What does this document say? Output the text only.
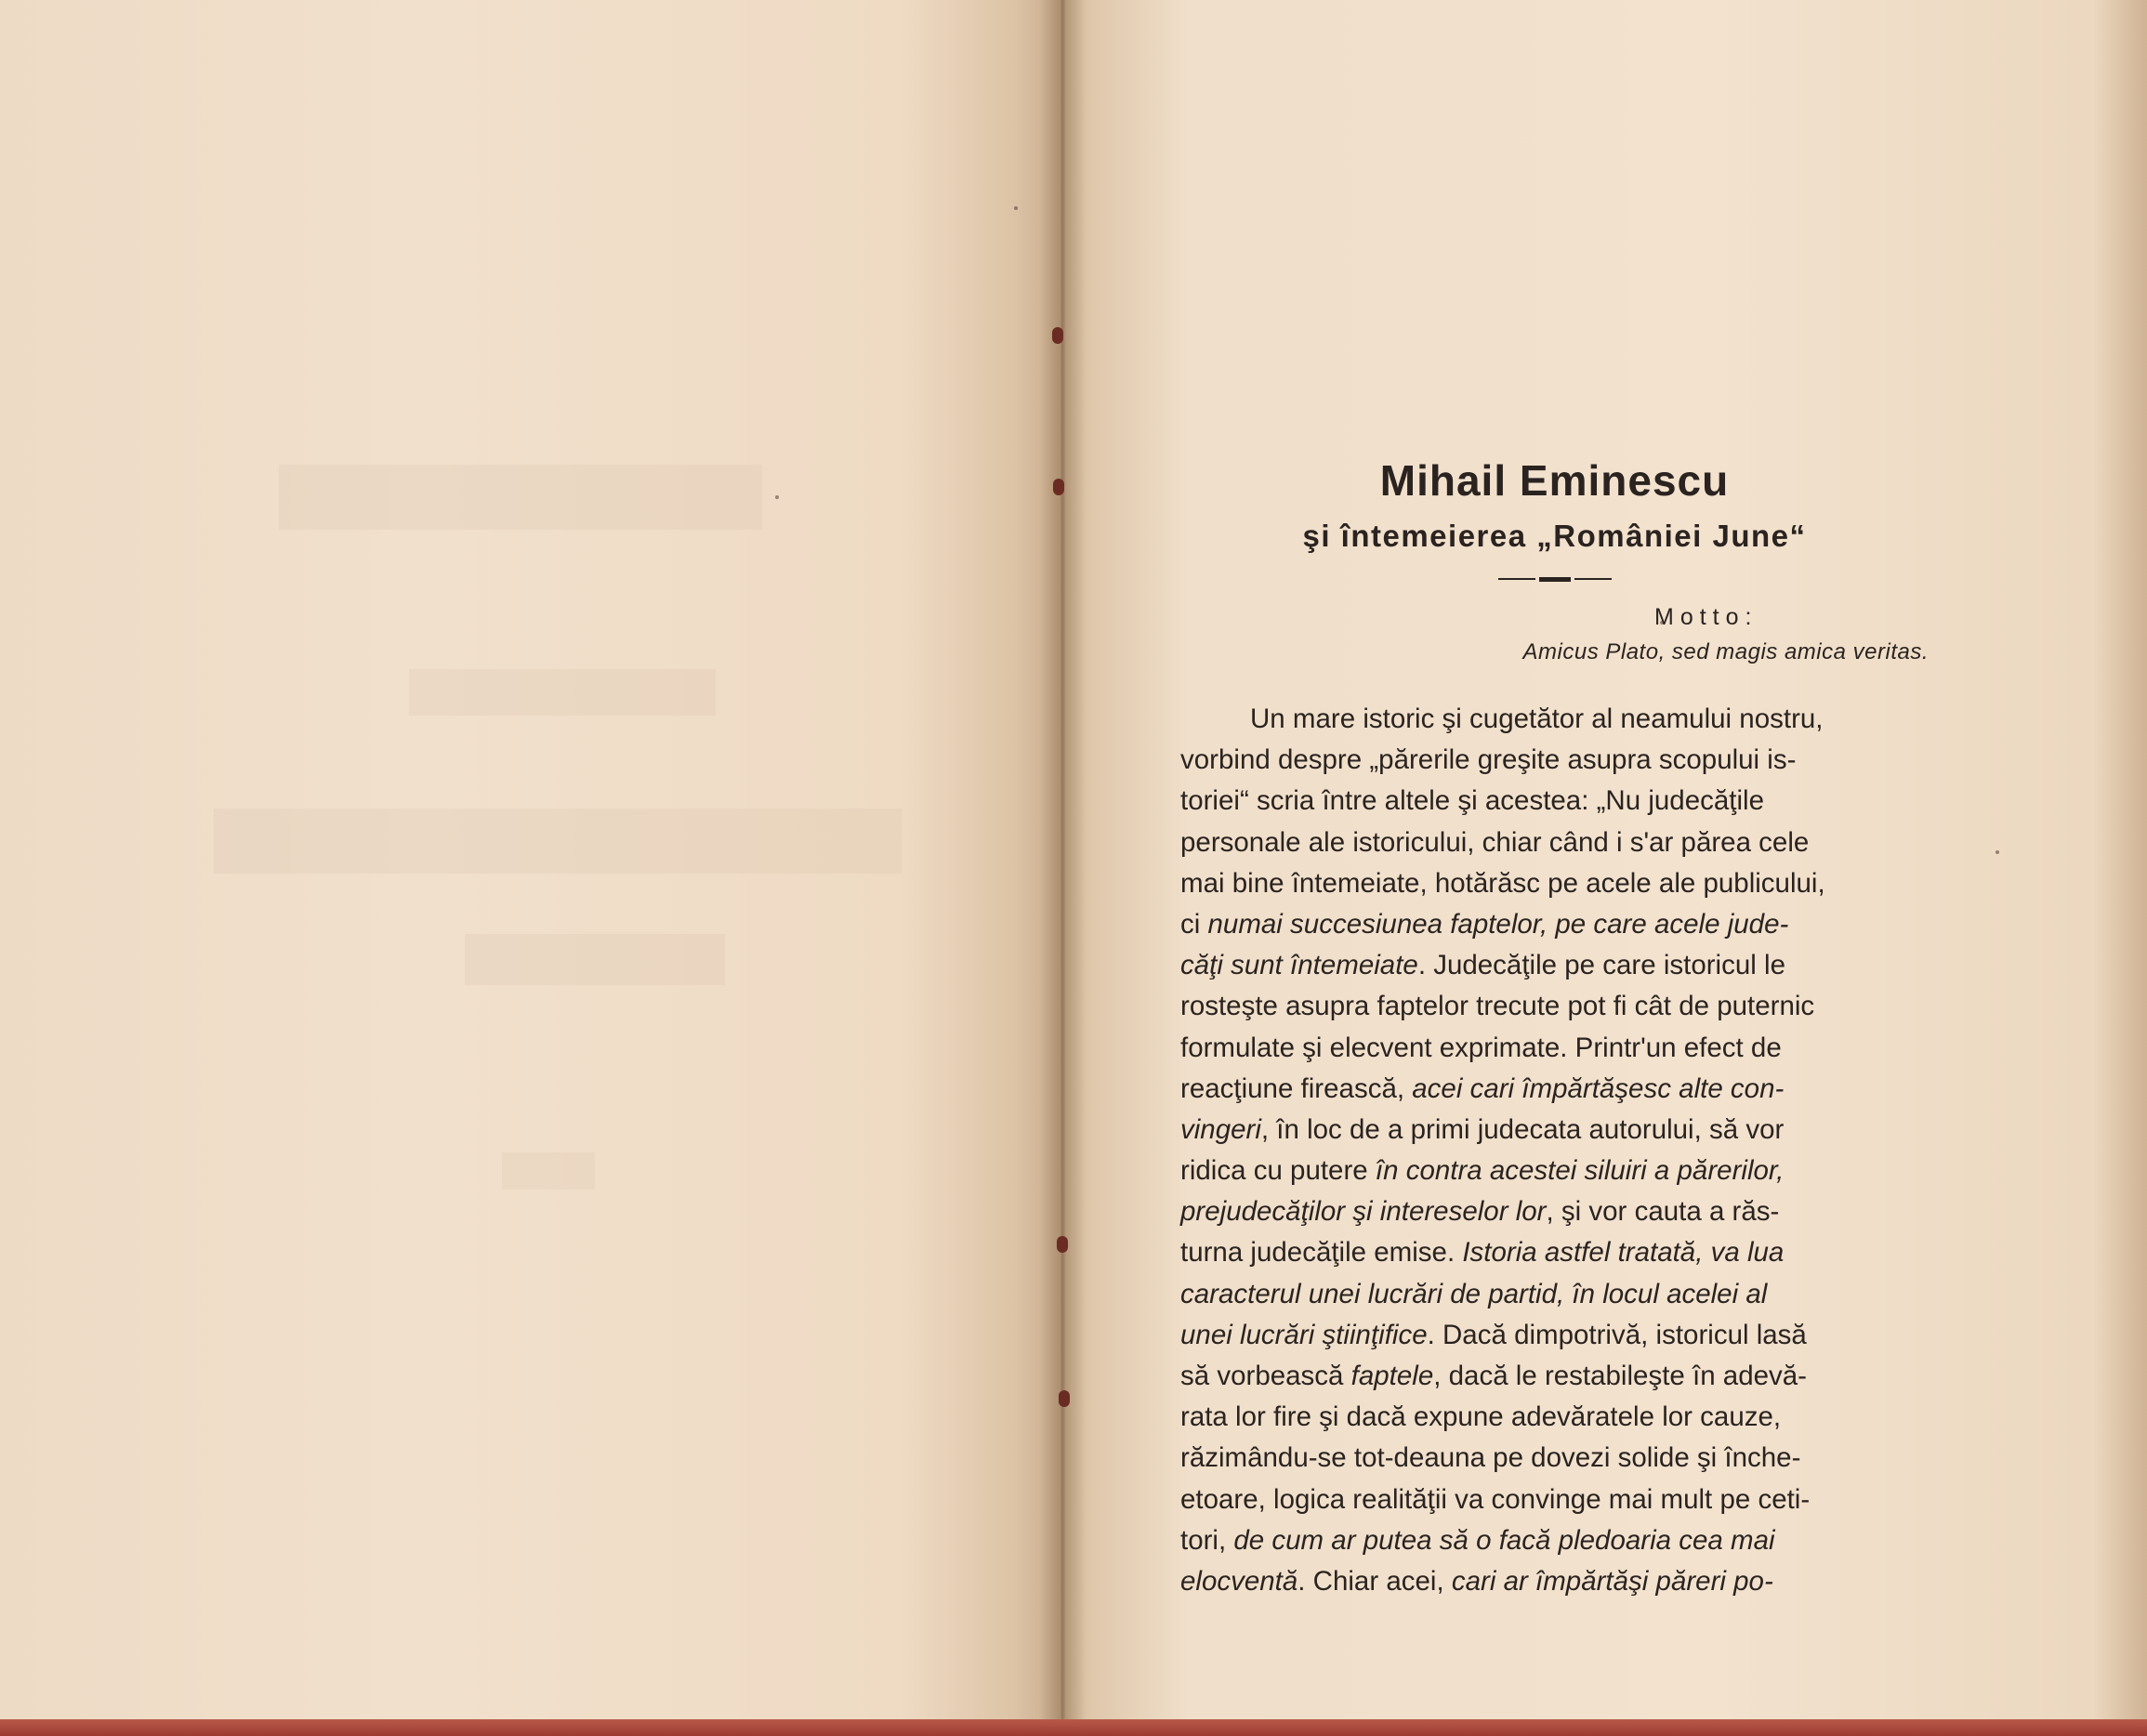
Mihail Eminescu
şi întemeierea „României June“
Motto:
Amicus Plato, sed magis amica veritas.
Un mare istoric şi cugetător al neamului nostru,
vorbind despre „părerile greşite asupra scopului is-
toriei“ scria între altele şi acestea: „Nu judecăţile
personale ale istoricului, chiar când i s'ar părea cele
mai bine întemeiate, hotărăsc pe acele ale publicului,
ci numai succesiunea faptelor, pe care acele jude-
căţi sunt întemeiate. Judecăţile pe care istoricul le
rosteşte asupra faptelor trecute pot fi cât de puternic
formulate şi elecvent exprimate. Printr'un efect de
reacţiune firească, acei cari împărtăşesc alte con-
vingeri, în loc de a primi judecata autorului, să vor
ridica cu putere în contra acestei siluiri a părerilor,
prejudecăţilor şi intereselor lor, şi vor cauta a răs-
turna judecăţile emise. Istoria astfel tratată, va lua
caracterul unei lucrări de partid, în locul acelei al
unei lucrări ştiinţifice. Dacă dimpotrivă, istoricul lasă
să vorbească faptele, dacă le restabileşte în adevă-
rata lor fire şi dacă expune adevăratele lor cauze,
răzimându-se tot-deauna pe dovezi solide şi înche-
etoare, logica realităţii va convinge mai mult pe ceti-
tori, de cum ar putea să o facă pledoaria cea mai
elocventă. Chiar acei, cari ar împărtăşi păreri po-
